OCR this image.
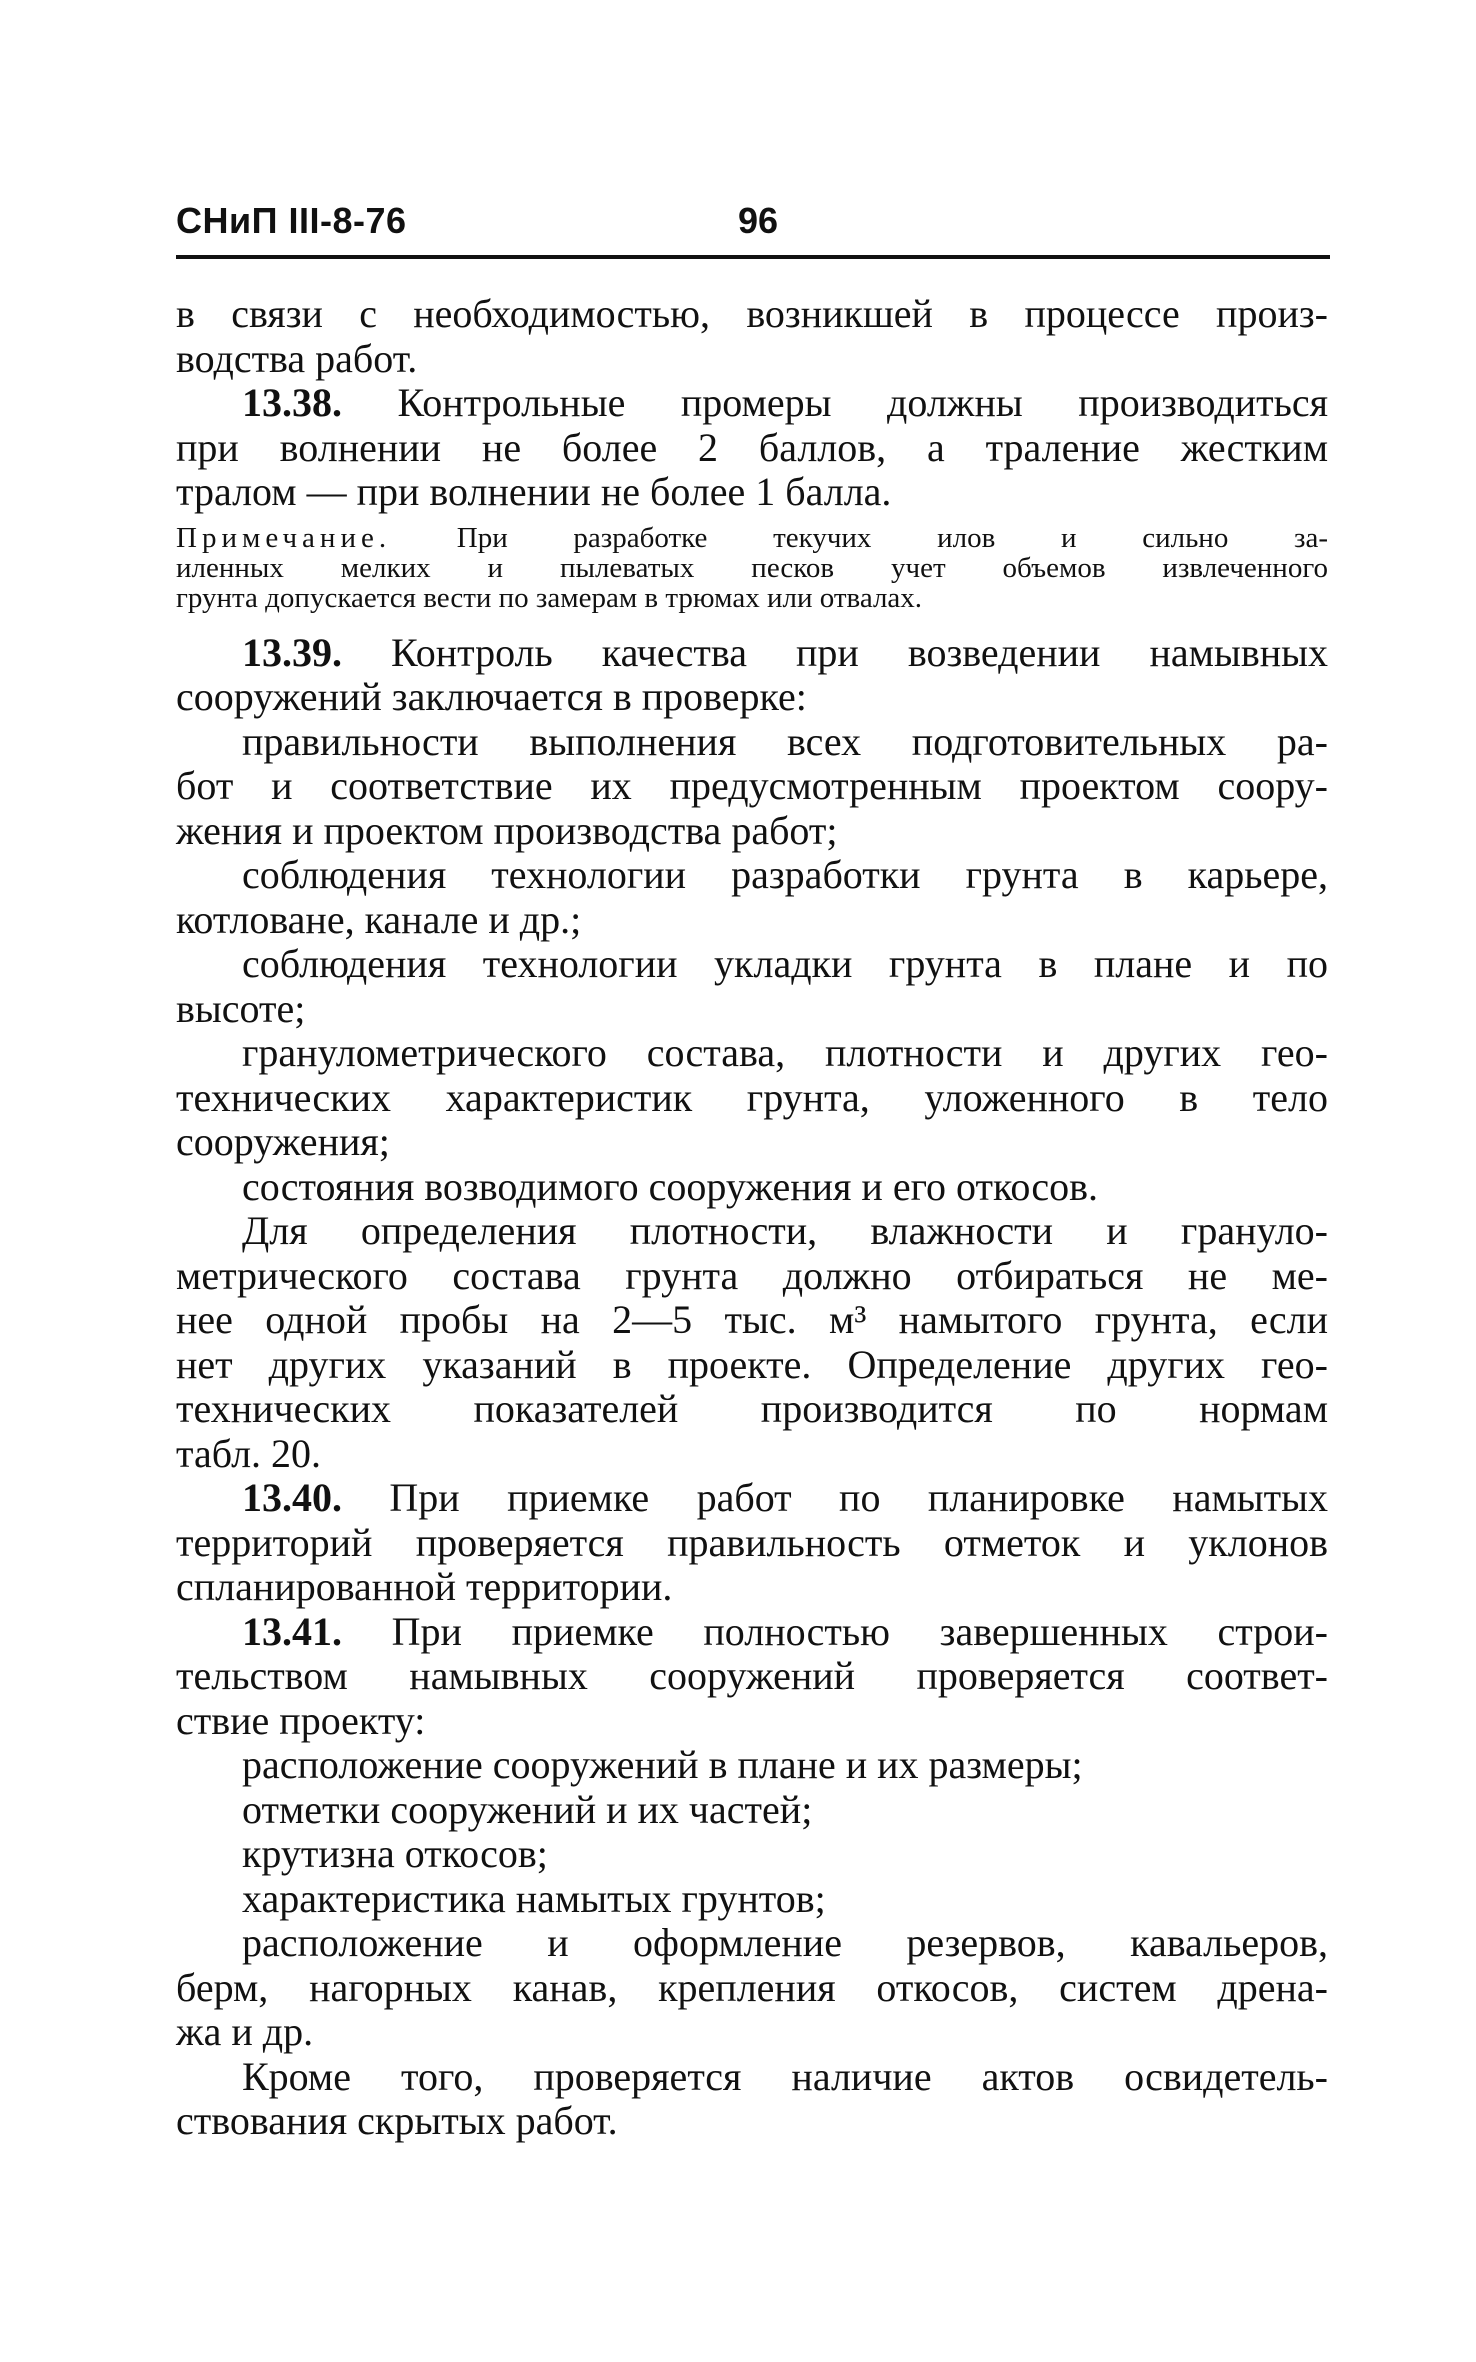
СНиП III-8-76	96
в связи с необходимостью, возникшей в процессе произ-
водства работ.
13.38. Контрольные промеры должны производиться
при волнении не более 2 баллов, а траление жестким
тралом — при волнении не более 1 балла.
Примечание. При разработке текучих илов и сильно за-
иленных мелких и пылеватых песков учет объемов извлеченного
грунта допускается вести по замерам в трюмах или отвалах.
13.39. Контроль качества при возведении намывных
сооружений заключается в проверке:
правильности выполнения всех подготовительных ра-
бот и соответствие их предусмотренным проектом соору-
жения и проектом производства работ;
соблюдения технологии разработки грунта в карьере,
котловане, канале и др.;
соблюдения технологии укладки грунта в плане и по
высоте;
гранулометрического состава, плотности и других гео-
технических характеристик грунта, уложенного в тело
сооружения;
состояния возводимого сооружения и его откосов.
Для определения плотности, влажности и грануло-
метрического состава грунта должно отбираться не ме-
нее одной пробы на 2—5 тыс. м³ намытого грунта, если
нет других указаний в проекте. Определение других гео-
технических показателей производится по нормам
табл. 20.
13.40. При приемке работ по планировке намытых
территорий проверяется правильность отметок и уклонов
спланированной территории.
13.41. При приемке полностью завершенных строи-
тельством намывных сооружений проверяется соответ-
ствие проекту:
расположение сооружений в плане и их размеры;
отметки сооружений и их частей;
крутизна откосов;
характеристика намытых грунтов;
расположение и оформление резервов, кавальеров,
берм, нагорных канав, крепления откосов, систем дрена-
жа и др.
Кроме того, проверяется наличие актов освидетель-
ствования скрытых работ.
